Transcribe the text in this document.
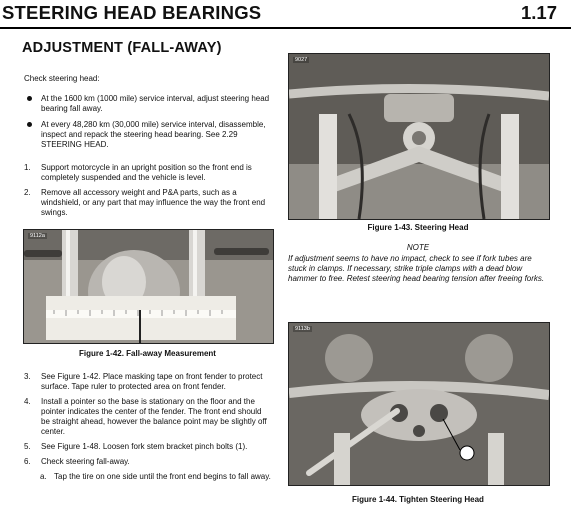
STEERING HEAD BEARINGS	1.17
ADJUSTMENT (FALL-AWAY)
Check steering head:
At the 1600 km (1000 mile) service interval, adjust steering head bearing fall away.
At every 48,280 km (30,000 mile) service interval, disassemble, inspect and repack the steering head bearing. See 2.29 STEERING HEAD.
1. Support motorcycle in an upright position so the front end is completely suspended and the vehicle is level.
2. Remove all accessory weight and P&A parts, such as a windshield, or any part that may influence the way the front end swings.
9112a
Figure 1-42. Fall-away Measurement
3. See Figure 1-42. Place masking tape on front fender to protect surface. Tape ruler to protected area on front fender.
4. Install a pointer so the base is stationary on the floor and the pointer indicates the center of the fender. The front end should be straight ahead, however the balance point may be slightly off center.
5. See Figure 1-48. Loosen fork stem bracket pinch bolts (1).
6. Check steering fall-away.
a. Tap the tire on one side until the front end begins to fall away.
9027
Figure 1-43. Steering Head
NOTE
If adjustment seems to have no impact, check to see if fork tubes are stuck in clamps. If necessary, strike triple clamps with a dead blow hammer to free. Retest steering head bearing tension after freeing forks.
9113b
Figure 1-44. Tighten Steering Head
